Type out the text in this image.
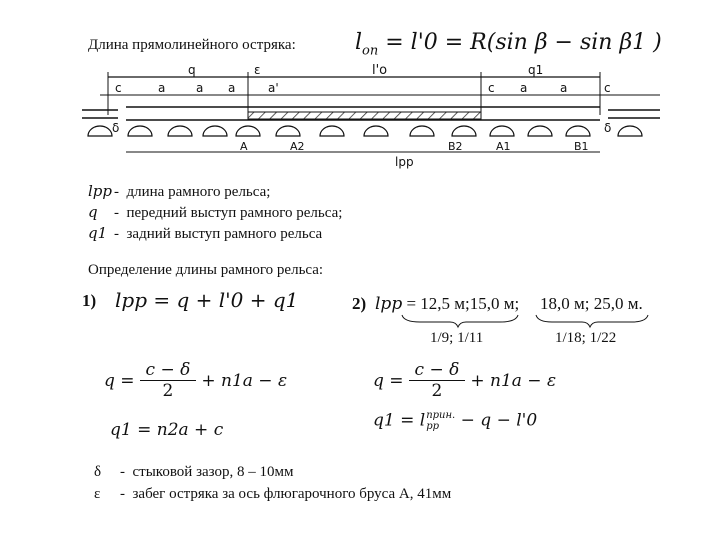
Длина прямолинейного остряка:	$l_{on} = l'0 = R(\sin$ β − sin β1 )
q	ε	l'o	q1
c	a	a a	a'	c a	a	c
δ	δ
A	A2	B2	A1	B1
lpp
lpp - длина рамного рельса;
q - передний выступ рамного рельса;
q1 - задний выступ рамного рельса
Определение длины рамного рельса:
1) lpp = q + l'0 + q1
q =
c − δ
2

+ n1a − ε
q1 = n2a + c
2) lpp = 12,5 м;15,0 м; 18,0 м; 25,0 м.
1/9; 1/11	1/18; 1/22
q =
c − δ
2

+ n1a − ε
q1 = l прин.
pp	− q − l'0
δ - стыковой зазор, 8 – 10мм
ε - забег остряка за ось флюгарочного бруса А, 41мм
